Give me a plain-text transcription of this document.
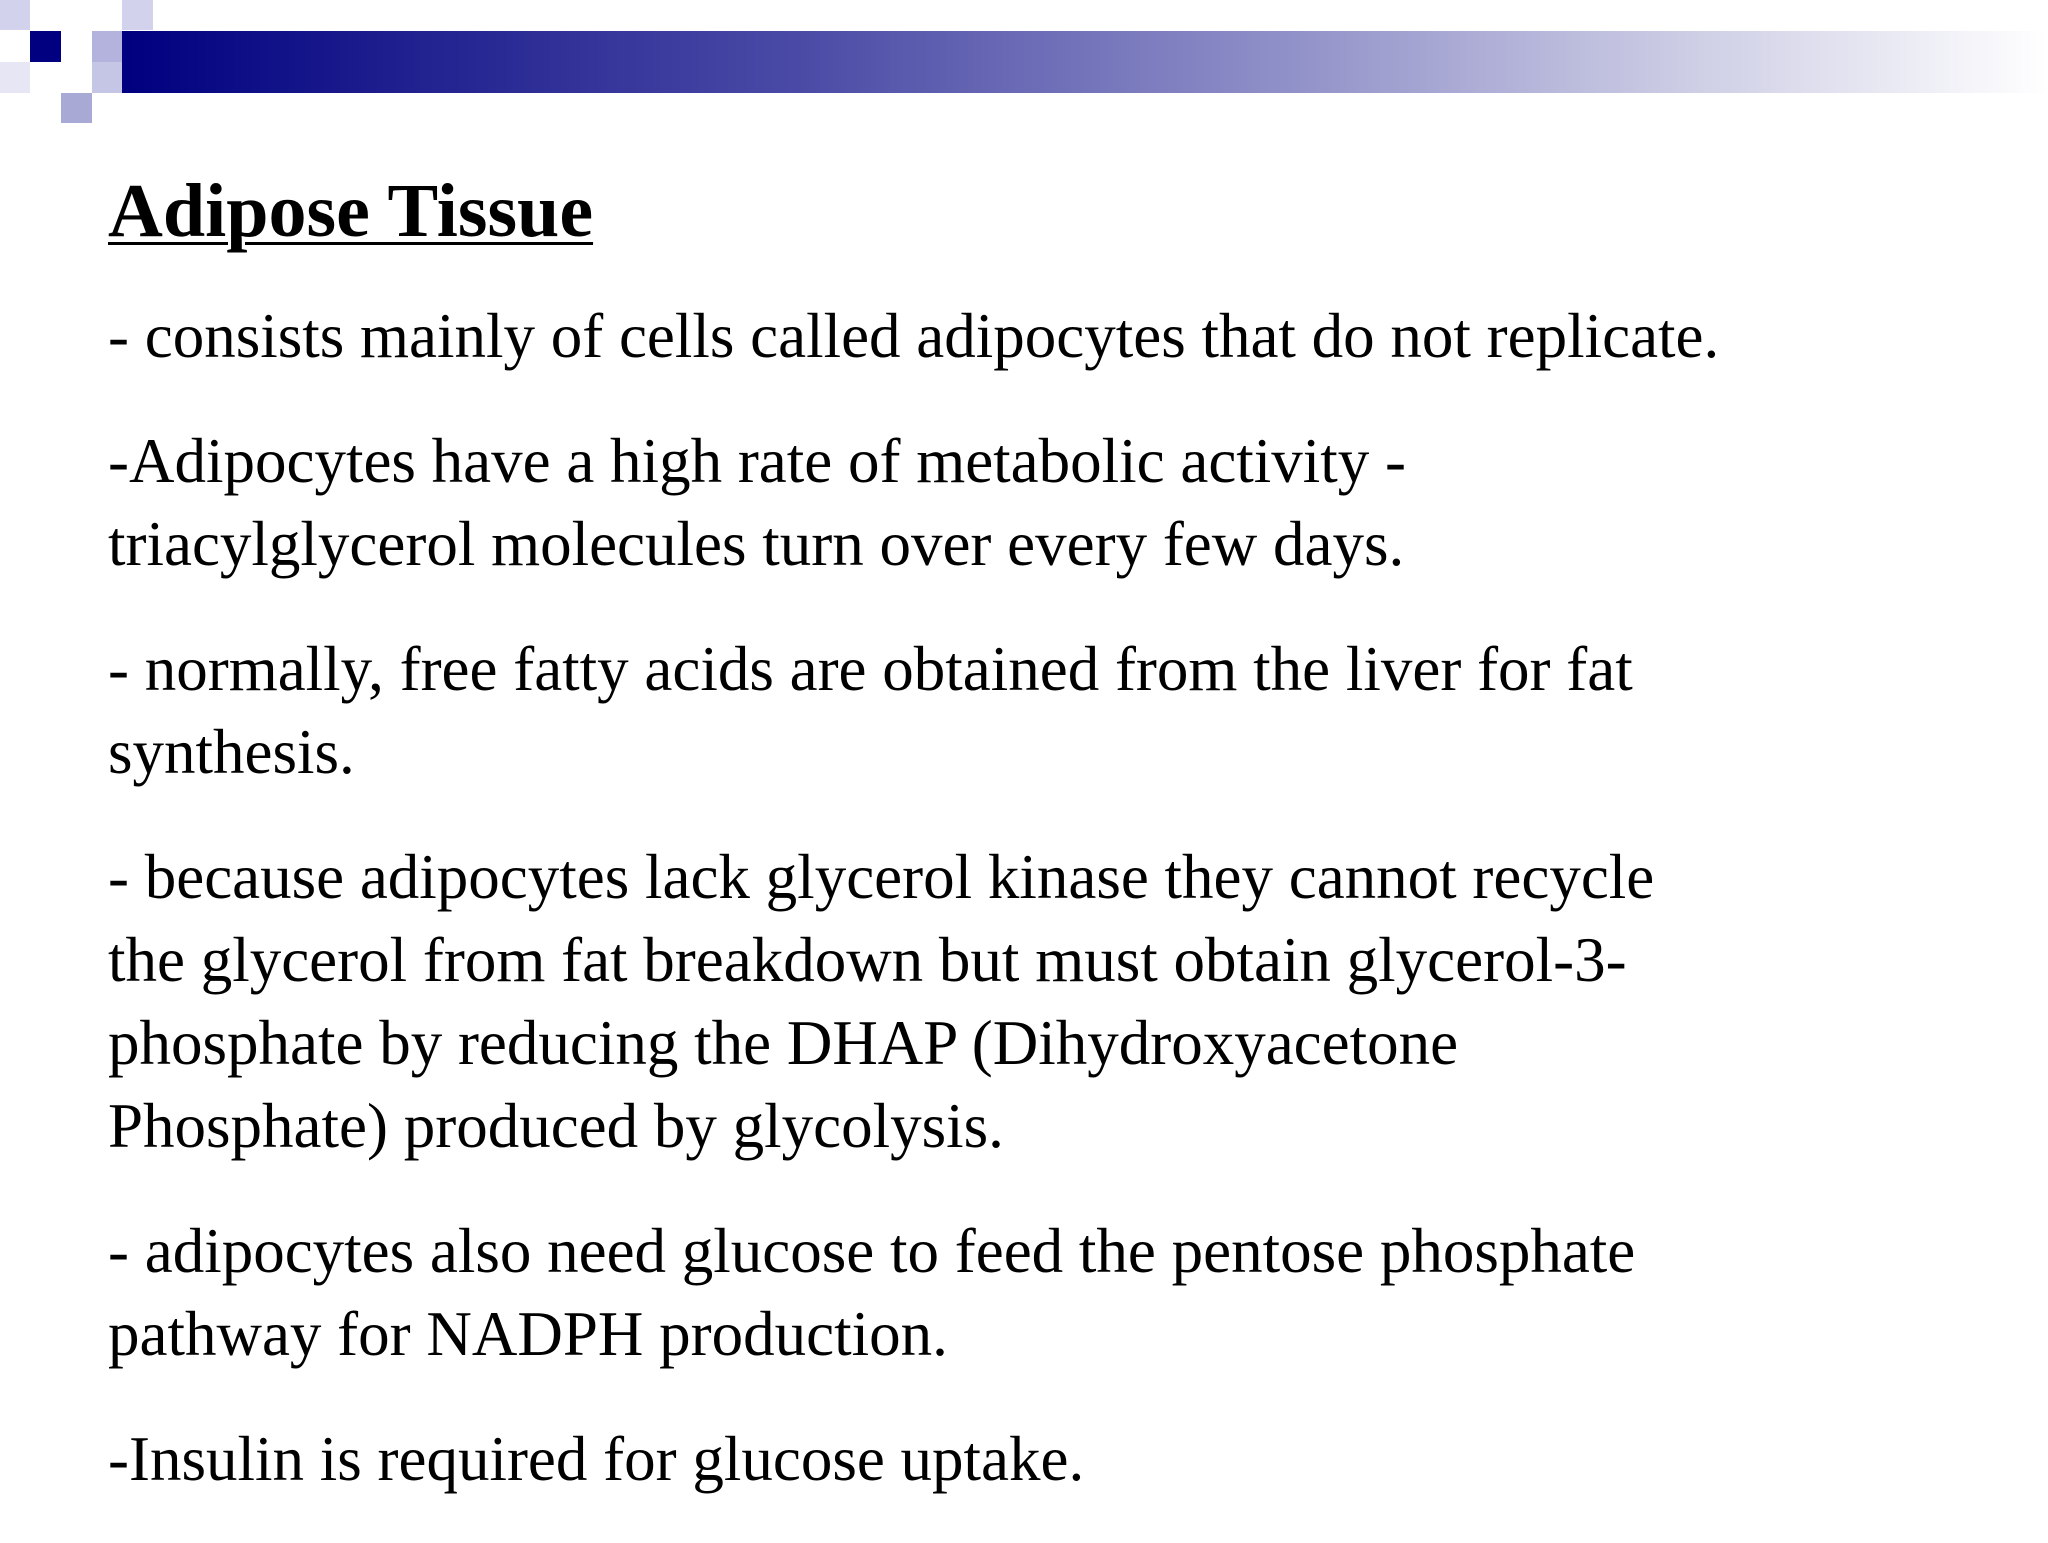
Adipose Tissue
- consists mainly of cells called adipocytes that do not replicate.
-Adipocytes have a high rate of metabolic activity -
triacylglycerol molecules turn over every few days.
- normally, free fatty acids are obtained from the liver for fat
synthesis.
- because adipocytes lack glycerol kinase they cannot recycle
the glycerol from fat breakdown but must obtain glycerol-3-
phosphate by reducing the DHAP (Dihydroxyacetone
Phosphate) produced by glycolysis.
- adipocytes also need glucose to feed the pentose phosphate
pathway for NADPH production.
-Insulin is required for glucose uptake.
